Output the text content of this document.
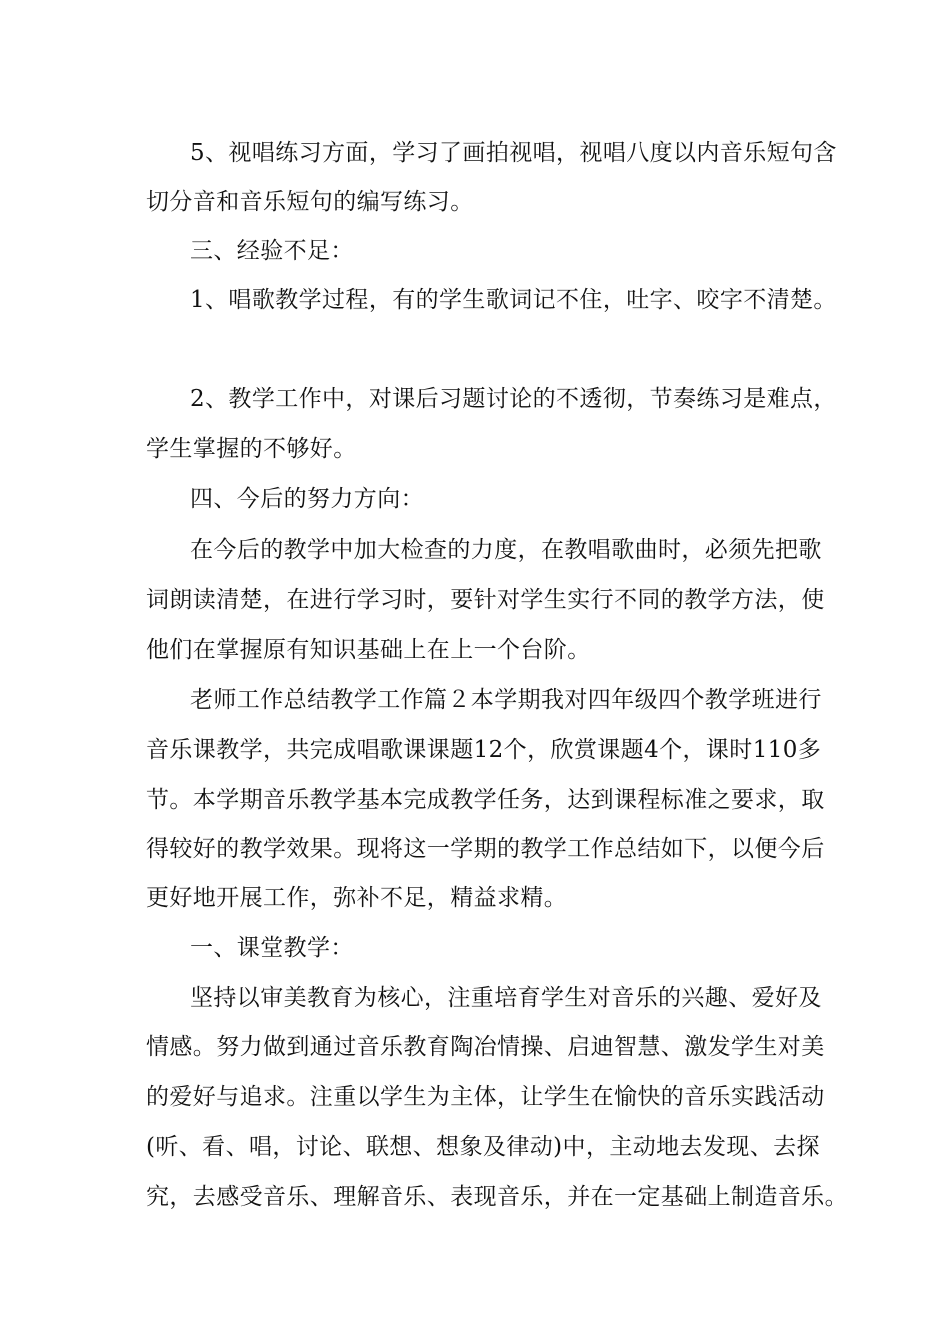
5、视唱练习方面，学习了画拍视唱，视唱八度以内音乐短句含
切分音和音乐短句的编写练习。
三、经验不足：
1、唱歌教学过程，有的学生歌词记不住，吐字、咬字不清楚。
2、教学工作中，对课后习题讨论的不透彻，节奏练习是难点，
学生掌握的不够好。
四、今后的努力方向：
在今后的教学中加大检查的力度，在教唱歌曲时，必须先把歌
词朗读清楚，在进行学习时，要针对学生实行不同的教学方法，使
他们在掌握原有知识基础上在上一个台阶。
老师工作总结教学工作篇２本学期我对四年级四个教学班进行
音乐课教学，共完成唱歌课课题12个，欣赏课题4个，课时110多
节。本学期音乐教学基本完成教学任务，达到课程标准之要求，取
得较好的教学效果。现将这一学期的教学工作总结如下，以便今后
更好地开展工作，弥补不足，精益求精。
一、课堂教学：
坚持以审美教育为核心，注重培育学生对音乐的兴趣、爱好及
情感。努力做到通过音乐教育陶冶情操、启迪智慧、激发学生对美
的爱好与追求。注重以学生为主体，让学生在愉快的音乐实践活动
(听、看、唱，讨论、联想、想象及律动)中，主动地去发现、去探
究，去感受音乐、理解音乐、表现音乐，并在一定基础上制造音乐。
